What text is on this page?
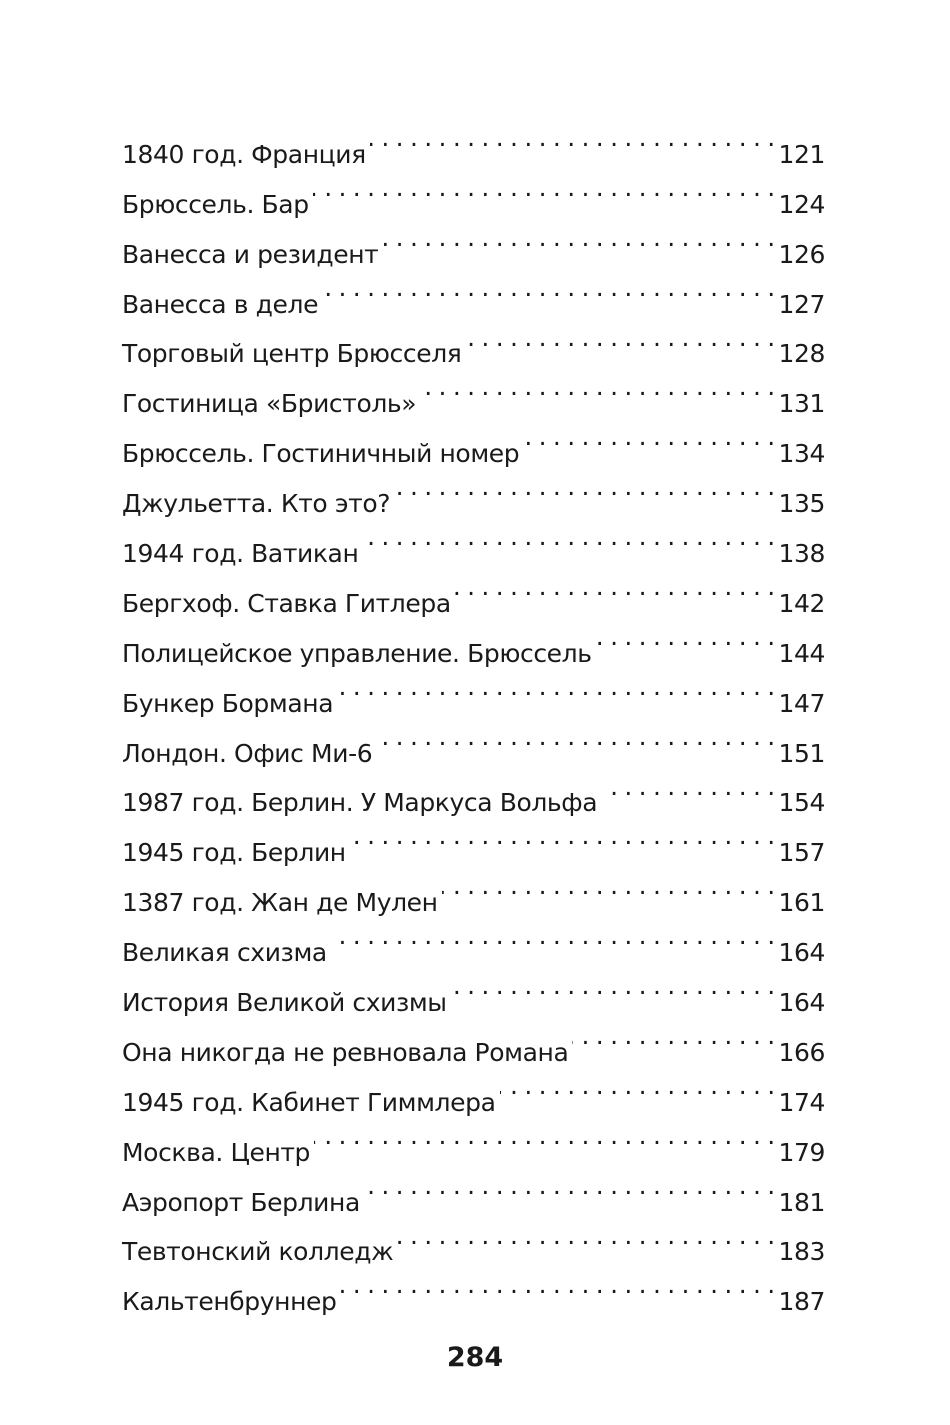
1840 год. Франция . . .	121
Брюссель. Бар . . .	124
Ванесса и резидент . . .	126
Ванесса в деле . . .	127
Торговый центр Брюсселя . . .	128
Гостиница «Бристоль» . . .	131
Брюссель. Гостиничный номер . . .	134
Джульетта. Кто это? . . .	135
1944 год. Ватикан . . .	138
Бергхоф. Ставка Гитлера . . .	142
Полицейское управление. Брюссель . . .	144
Бункер Бормана . . .	147
Лондон. Офис Ми-6 . . .	151
1987 год. Берлин. У Маркуса Вольфа . . .	154
1945 год. Берлин . . .	157
1387 год. Жан де Мулен . . .	161
Великая схизма . . .	164
История Великой схизмы . . .	164
Она никогда не ревновала Романа . . .	166
1945 год. Кабинет Гиммлера . . .	174
Москва. Центр . . .	179
Аэропорт Берлина . . .	181
Тевтонский колледж . . .	183
Кальтенбруннер . . .	187
284
